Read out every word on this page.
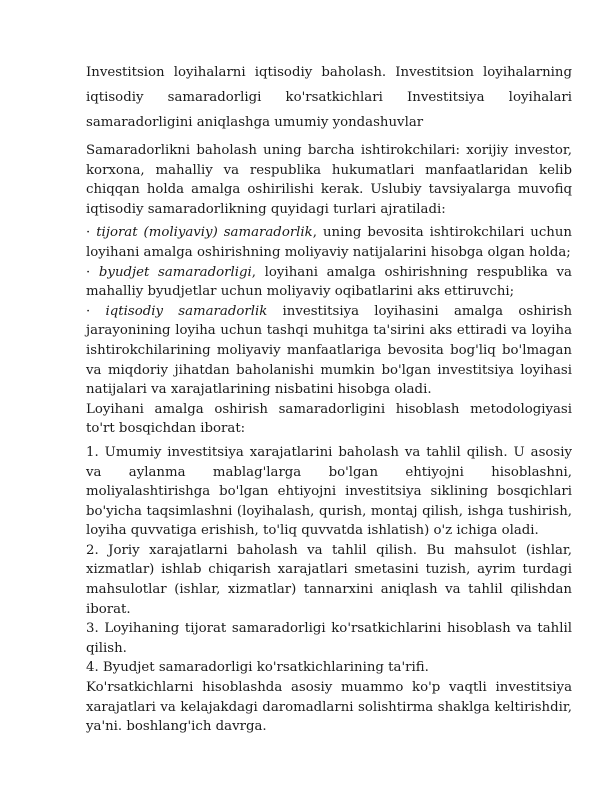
Investitsion loyihalarni iqtisodiy baholash. Investitsion loyihalarning iqtisodiy samaradorligi ko'rsatkichlari Investitsiya loyihalari samaradorligini aniqlashga umumiy yondashuvlar

Samaradorlikni baholash uning barcha ishtirokchilari: xorijiy investor, korxona, mahalliy va respublika hukumatlari manfaatlaridan kelib chiqqan holda amalga oshirilishi kerak. Uslubiy tavsiyalarga muvofiq iqtisodiy samaradorlikning quyidagi turlari ajratiladi:

· tijorat (moliyaviy) samaradorlik, uning bevosita ishtirokchilari uchun loyihani amalga oshirishning moliyaviy natijalarini hisobga olgan holda;

· byudjet samaradorligi, loyihani amalga oshirishning respublika va mahalliy byudjetlar uchun moliyaviy oqibatlarini aks ettiruvchi;

· iqtisodiy samaradorlik investitsiya loyihasini amalga oshirish jarayonining loyiha uchun tashqi muhitga ta'sirini aks ettiradi va loyiha ishtirokchilarining moliyaviy manfaatlariga bevosita bog'liq bo'lmagan va miqdoriy jihatdan baholanishi mumkin bo'lgan investitsiya loyihasi natijalari va xarajatlarining nisbatini hisobga oladi.

Loyihani amalga oshirish samaradorligini hisoblash metodologiyasi to'rt bosqichdan iborat:

1. Umumiy investitsiya xarajatlarini baholash va tahlil qilish. U asosiy va aylanma mablag'larga bo'lgan ehtiyojni hisoblashni, moliyalashtirishga bo'lgan ehtiyojni investitsiya siklining bosqichlari bo'yicha taqsimlashni (loyihalash, qurish, montaj qilish, ishga tushirish, loyiha quvvatiga erishish, to'liq quvvatda ishlatish) o'z ichiga oladi.

2. Joriy xarajatlarni baholash va tahlil qilish. Bu mahsulot (ishlar, xizmatlar) ishlab chiqarish xarajatlari smetasini tuzish, ayrim turdagi mahsulotlar (ishlar, xizmatlar) tannarxini aniqlash va tahlil qilishdan iborat.

3. Loyihaning tijorat samaradorligi ko'rsatkichlarini hisoblash va tahlil qilish.

4. Byudjet samaradorligi ko'rsatkichlarining ta'rifi.

Ko'rsatkichlarni hisoblashda asosiy muammo ko'p vaqtli investitsiya xarajatlari va kelajakdagi daromadlarni solishtirma shaklga keltirishdir, ya'ni. boshlang'ich davrga.
